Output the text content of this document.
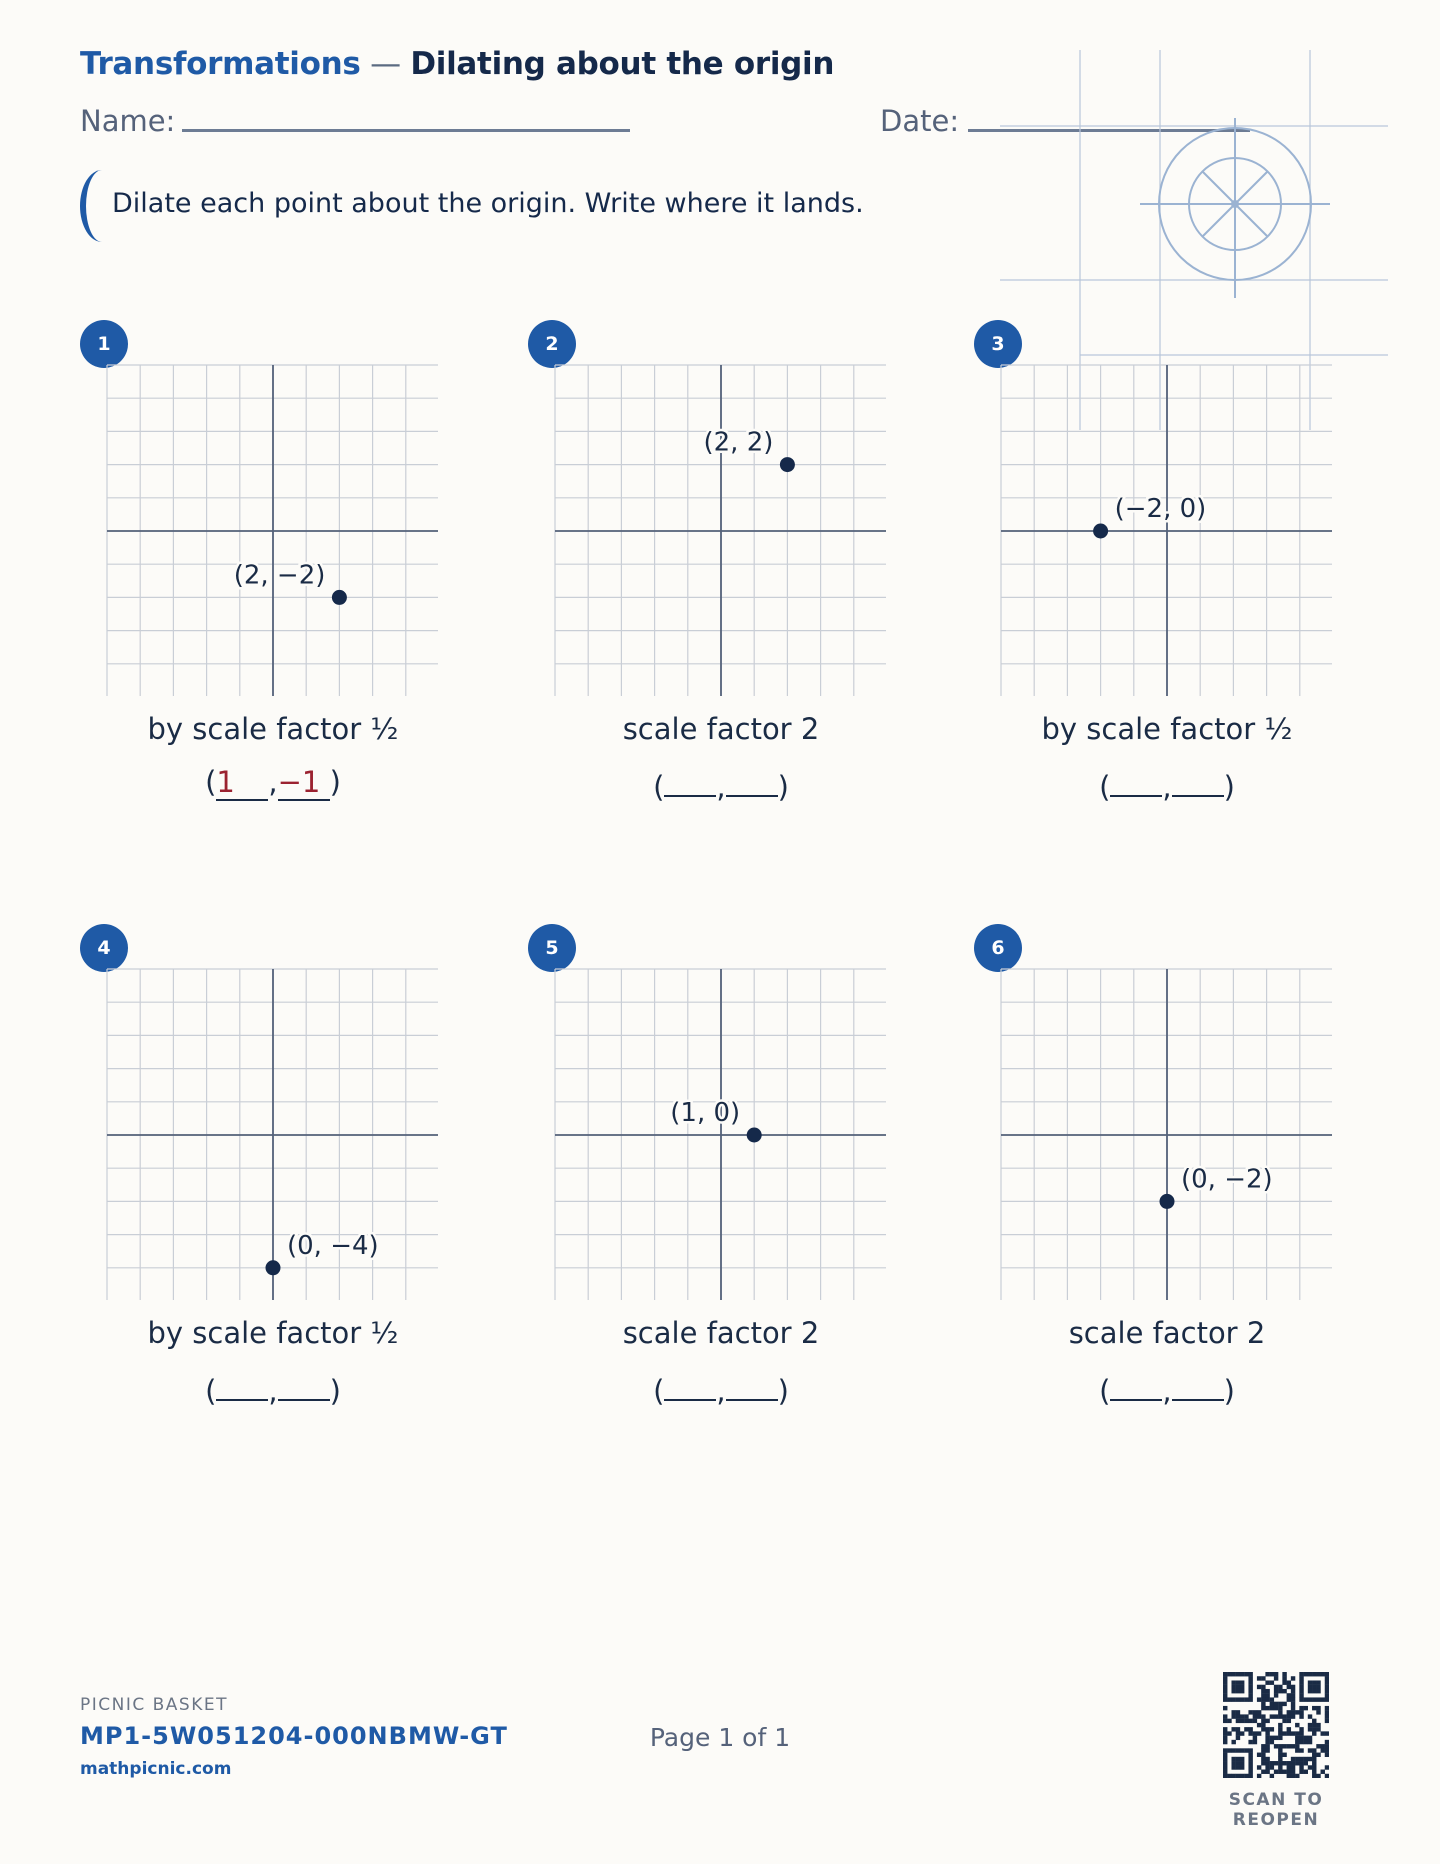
Transformations — Dilating about the origin
Name:	Date:
Dilate each point about the origin. Write where it lands.
1
(2, −2)
by scale factor ½
(1 ,−1 )
2
(2, 2)
scale factor 2
( , )
3
(−2, 0)
by scale factor ½
( , )
4
(0, −4)
by scale factor ½
( , )
5
(1, 0)
scale factor 2
( , )
6
(0, −2)
scale factor 2
( , )
PICNIC BASKET
MP1-5W051204-000NBMW-GT
mathpicnic.com
Page 1 of 1
SCAN TO REOPEN
